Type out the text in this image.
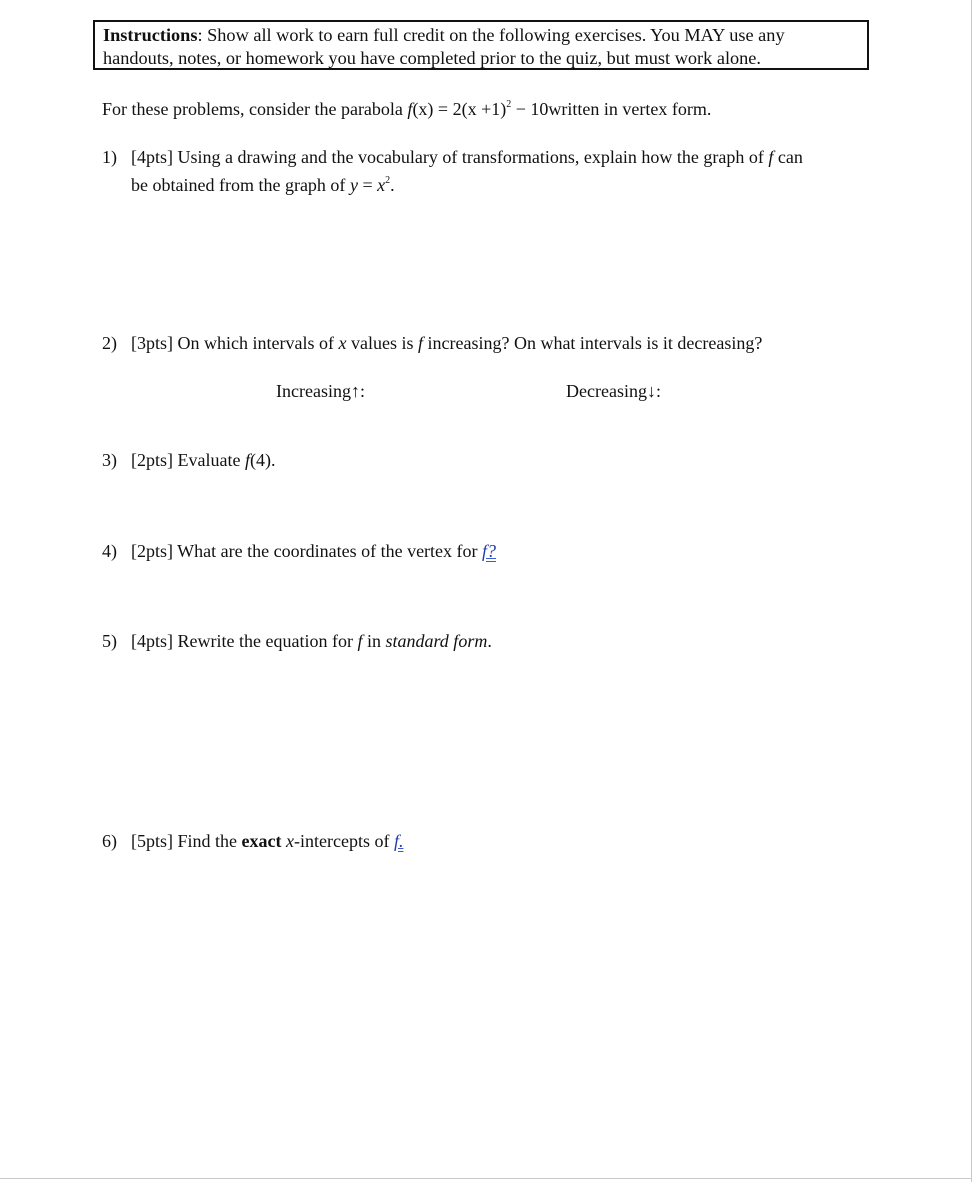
Instructions: Show all work to earn full credit on the following exercises. You MAY use any
handouts, notes, or homework you have completed prior to the quiz, but must work alone.
For these problems, consider the parabola $f(x) = 2(x +1)^2$ − 10written in vertex form.
1) [4pts] Using a drawing and the vocabulary of transformations, explain how the graph of f can
be obtained from the graph of $y = x^2$.
2) [3pts] On which intervals of x values is f increasing? On what intervals is it decreasing?
Increasing↑:	Decreasing↓:
3) [2pts] Evaluate f(4).
4) [2pts] What are the coordinates of the vertex for f?
5) [4pts] Rewrite the equation for f in standard form.
6) [5pts] Find the exact x-intercepts of f.
